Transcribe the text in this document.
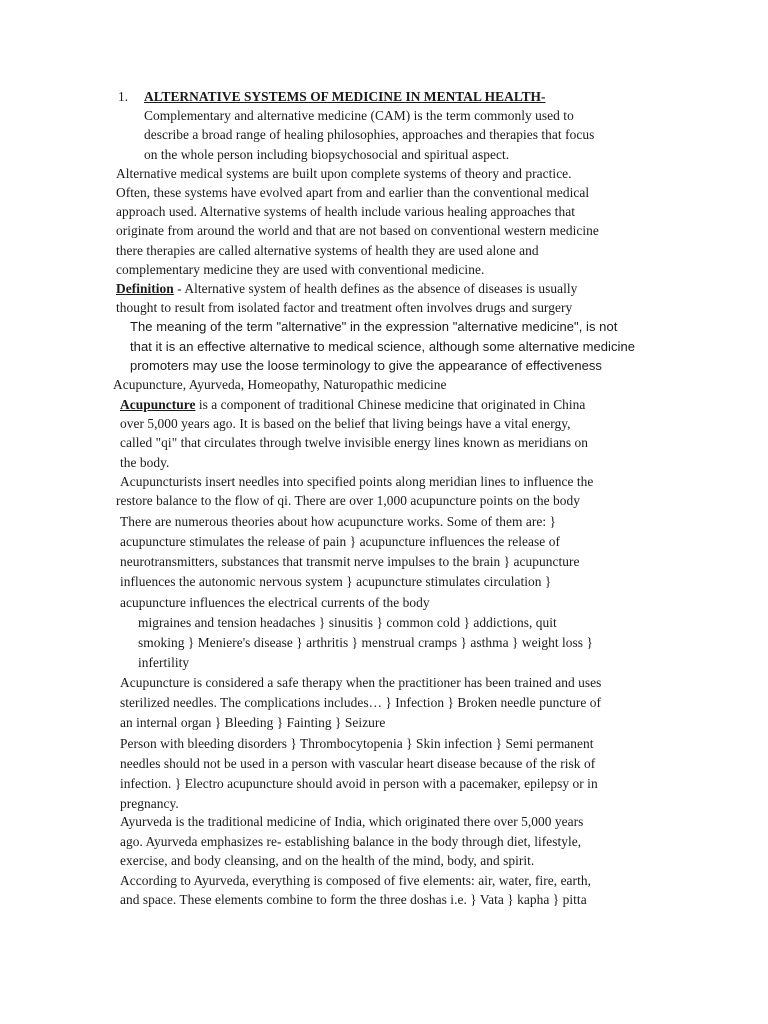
1. ALTERNATIVE SYSTEMS OF MEDICINE IN MENTAL HEALTH-
Complementary and alternative medicine (CAM) is the term commonly used to
describe a broad range of healing philosophies, approaches and therapies that focus
on the whole person including biopsychosocial and spiritual aspect.
Alternative medical systems are built upon complete systems of theory and practice.
Often, these systems have evolved apart from and earlier than the conventional medical
approach used. Alternative systems of health include various healing approaches that
originate from around the world and that are not based on conventional western medicine
there therapies are called alternative systems of health they are used alone and
complementary medicine they are used with conventional medicine.
Definition - Alternative system of health defines as the absence of diseases is usually
thought to result from isolated factor and treatment often involves drugs and surgery
The meaning of the term "alternative" in the expression "alternative medicine", is not
that it is an effective alternative to medical science, although some alternative medicine
promoters may use the loose terminology to give the appearance of effectiveness
Acupuncture, Ayurveda, Homeopathy, Naturopathic medicine
Acupuncture is a component of traditional Chinese medicine that originated in China
over 5,000 years ago. It is based on the belief that living beings have a vital energy,
called "qi" that circulates through twelve invisible energy lines known as meridians on
the body.
Acupuncturists insert needles into specified points along meridian lines to influence the
restore balance to the flow of qi. There are over 1,000 acupuncture points on the body
There are numerous theories about how acupuncture works. Some of them are: }
acupuncture stimulates the release of pain } acupuncture influences the release of
neurotransmitters, substances that transmit nerve impulses to the brain } acupuncture
influences the autonomic nervous system } acupuncture stimulates circulation }
acupuncture influences the electrical currents of the body
migraines and tension headaches } sinusitis } common cold } addictions, quit
smoking } Meniere's disease } arthritis } menstrual cramps } asthma } weight loss }
infertility
Acupuncture is considered a safe therapy when the practitioner has been trained and uses
sterilized needles. The complications includes… } Infection } Broken needle puncture of
an internal organ } Bleeding } Fainting } Seizure
Person with bleeding disorders } Thrombocytopenia } Skin infection } Semi permanent
needles should not be used in a person with vascular heart disease because of the risk of
infection. } Electro acupuncture should avoid in person with a pacemaker, epilepsy or in
pregnancy.
Ayurveda is the traditional medicine of India, which originated there over 5,000 years
ago. Ayurveda emphasizes re- establishing balance in the body through diet, lifestyle,
exercise, and body cleansing, and on the health of the mind, body, and spirit.
According to Ayurveda, everything is composed of five elements: air, water, fire, earth,
and space. These elements combine to form the three doshas i.e. } Vata } kapha } pitta
